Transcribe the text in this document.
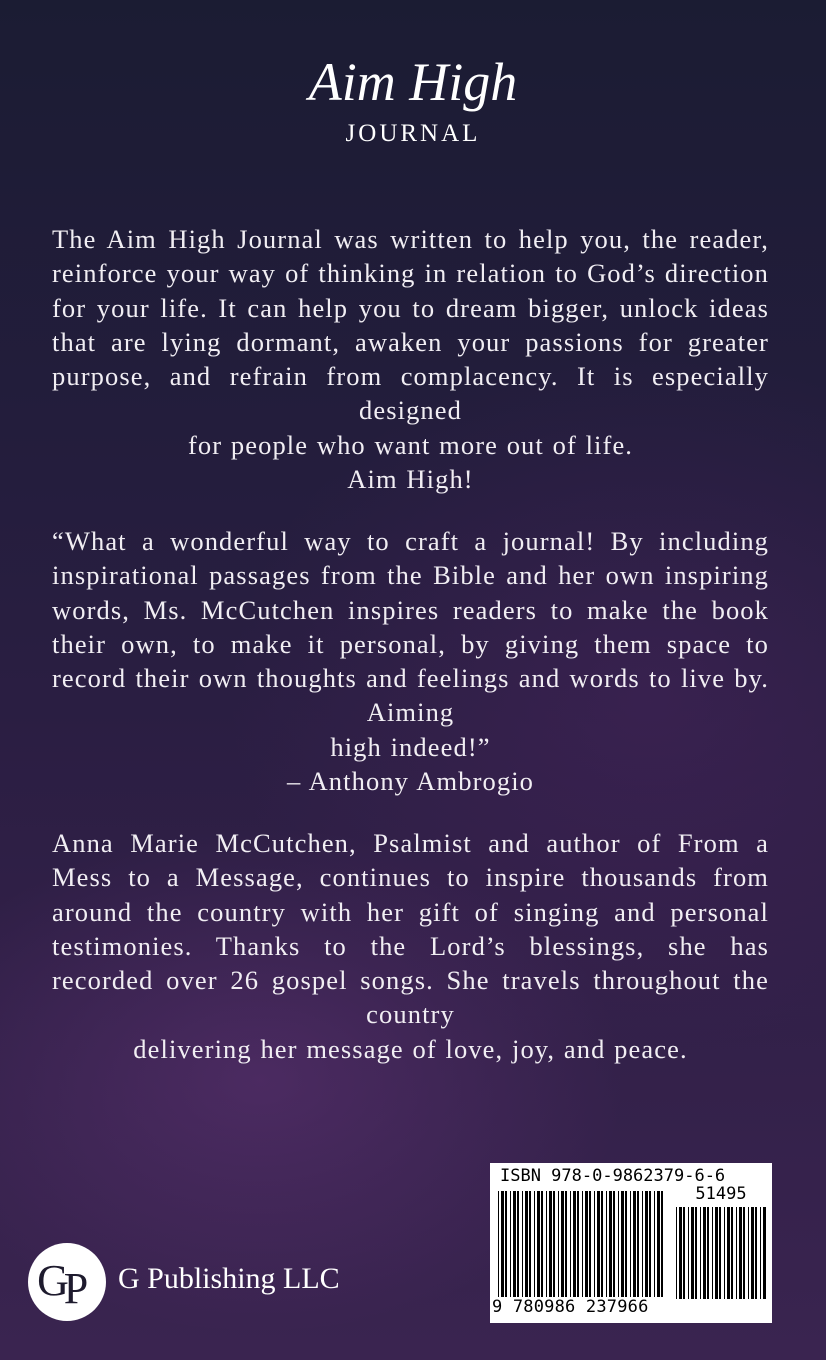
Aim High
JOURNAL

The Aim High Journal was written to help you, the reader, reinforce your way of thinking in relation to God’s direction for your life. It can help you to dream bigger, unlock ideas that are lying dormant, awaken your passions for greater purpose, and refrain from complacency. It is especially designed
for people who want more out of life.
Aim High!

“What a wonderful way to craft a journal! By including inspirational passages from the Bible and her own inspiring words, Ms. McCutchen inspires readers to make the book their own, to make it personal, by giving them space to record their own thoughts and feelings and words to live by. Aiming
high indeed!”
– Anthony Ambrogio

Anna Marie McCutchen, Psalmist and author of From a Mess to a Message, continues to inspire thousands from around the country with her gift of singing and personal testimonies. Thanks to the Lord’s blessings, she has recorded over 26 gospel songs. She travels throughout the country
delivering her message of love, joy, and peace.

ISBN 978-0-9862379-6-6
51495
9 780986 237966
G
P G Publishing LLC
